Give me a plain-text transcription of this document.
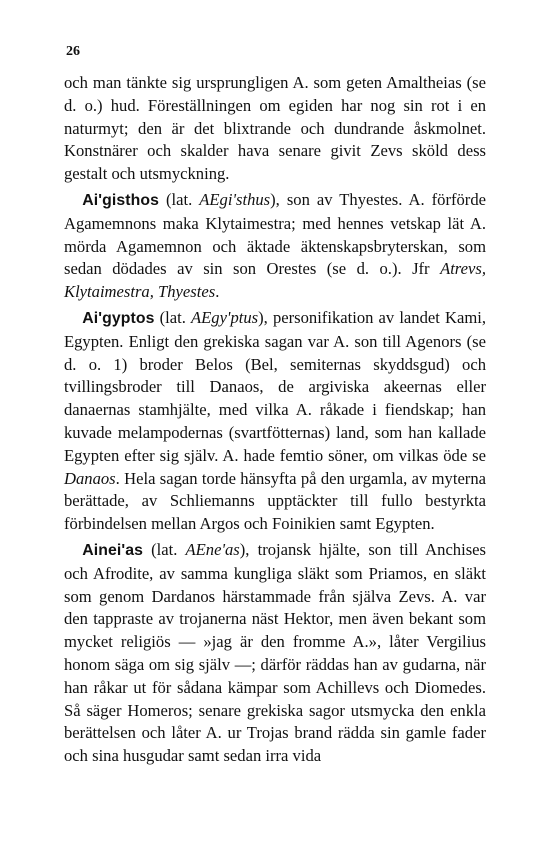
26

och man tänkte sig ursprungligen A. som geten Amaltheias (se d. o.) hud. Föreställningen om egiden har nog sin rot i en naturmyt; den är det blixtrande och dundrande åskmolnet. Konstnärer och skalder hava senare givit Zevs sköld dess gestalt och utsmyckning.

Ai'gisthos (lat. AEgi'sthus), son av Thyestes. A. förförde Agamemnons maka Klytaimestra; med hennes vetskap lät A. mörda Agamemnon och äktade äktenskapsbryterskan, som sedan dödades av sin son Orestes (se d. o.). Jfr Atrevs, Klytaimestra, Thyestes.

Ai'gyptos (lat. AEgy'ptus), personifikation av landet Kami, Egypten. Enligt den grekiska sagan var A. son till Agenors (se d. o. 1) broder Belos (Bel, semiternas skyddsgud) och tvillingsbroder till Danaos, de argiviska akeernas eller danaernas stamhjälte, med vilka A. råkade i fiendskap; han kuvade melampodernas (svartfötternas) land, som han kallade Egypten efter sig själv. A. hade femtio söner, om vilkas öde se Danaos. Hela sagan torde hänsyfta på den urgamla, av myterna berättade, av Schliemanns upptäckter till fullo bestyrkta förbindelsen mellan Argos och Foinikien samt Egypten.

Ainei'as (lat. AEne'as), trojansk hjälte, son till Anchises och Afrodite, av samma kungliga släkt som Priamos, en släkt som genom Dardanos härstammade från själva Zevs. A. var den tappraste av trojanerna näst Hektor, men även bekant som mycket religiös — »jag är den fromme A.», låter Vergilius honom säga om sig själv —; därför räddas han av gudarna, när han råkar ut för sådana kämpar som Achillevs och Diomedes. Så säger Homeros; senare grekiska sagor utsmycka den enkla berättelsen och låter A. ur Trojas brand rädda sin gamle fader och sina husgudar samt sedan irra vida
